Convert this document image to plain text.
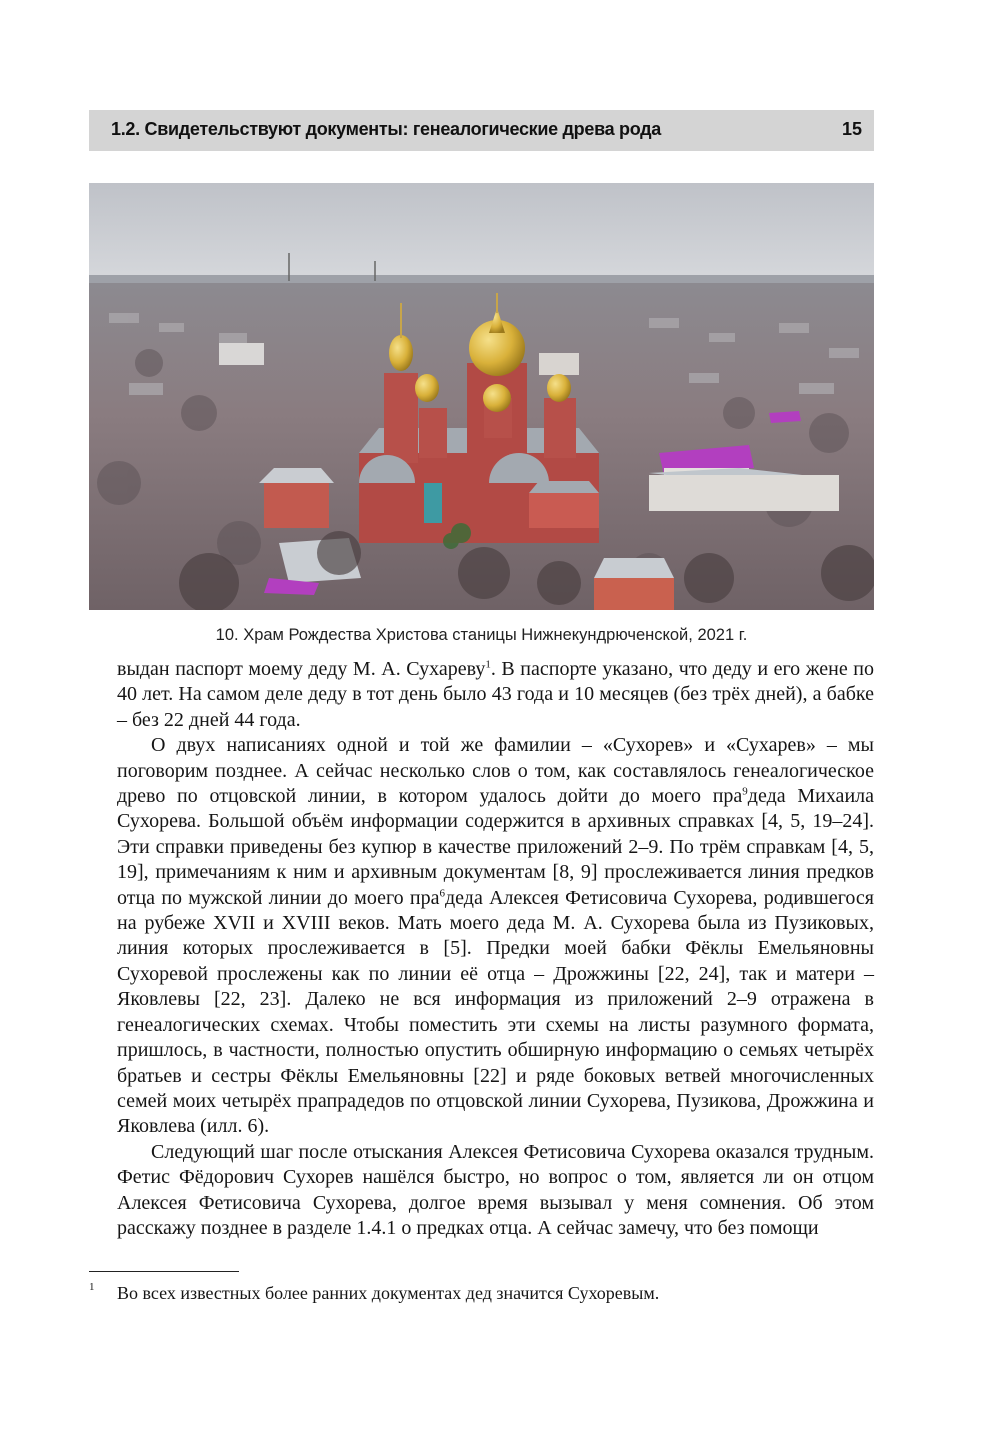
1.2. Свидетельствуют документы: генеалогические древа рода	15
10. Храм Рождества Христова станицы Нижнекундрюченской, 2021 г.

выдан паспорт моему деду М. А. Сухареву$^1$. В паспорте указано, что деду и его жене по 40 лет. На самом деле деду в тот день было 43 года и 10 месяцев (без трёх дней), а бабке – без 22 дней 44 года.

О двух написаниях одной и той же фамилии – «Сухорев» и «Сухарев» – мы поговорим позднее. А сейчас несколько слов о том, как составлялось генеалогическое древо по отцовской линии, в котором удалось дойти до моего пра$^9$деда Михаила Сухорева. Большой объём информации содержится в архивных справках [4, 5, 19–24]. Эти справки приведены без купюр в качестве приложений 2–9. По трём справкам [4, 5, 19], примечаниям к ним и архивным документам [8, 9] прослеживается линия предков отца по мужской линии до моего пра$^6$деда Алексея Фетисовича Сухорева, родившегося на рубеже XVII и XVIII веков. Мать моего деда М. А. Сухорева была из Пузиковых, линия которых прослеживается в [5]. Предки моей бабки Фёклы Емельяновны Сухоревой прослежены как по линии её отца – Дрожжины [22, 24], так и матери – Яковлевы [22, 23]. Далеко не вся информация из приложений 2–9 отражена в генеалогических схемах. Чтобы поместить эти схемы на листы разумного формата, пришлось, в частности, полностью опустить обширную информацию о семьях четырёх братьев и сестры Фёклы Емельяновны [22] и ряде боковых ветвей многочисленных семей моих четырёх прапрадедов по отцовской линии Сухорева, Пузикова, Дрожжина и Яковлева (илл. 6).

Следующий шаг после отыскания Алексея Фетисовича Сухорева оказался трудным. Фетис Фёдорович Сухорев нашёлся быстро, но вопрос о том, является ли он отцом Алексея Фетисовича Сухорева, долгое время вызывал у меня сомнения. Об этом расскажу позднее в разделе 1.4.1 о предках отца. А сейчас замечу, что без помощи

1 Во всех известных более ранних документах дед значится Сухоревым.
